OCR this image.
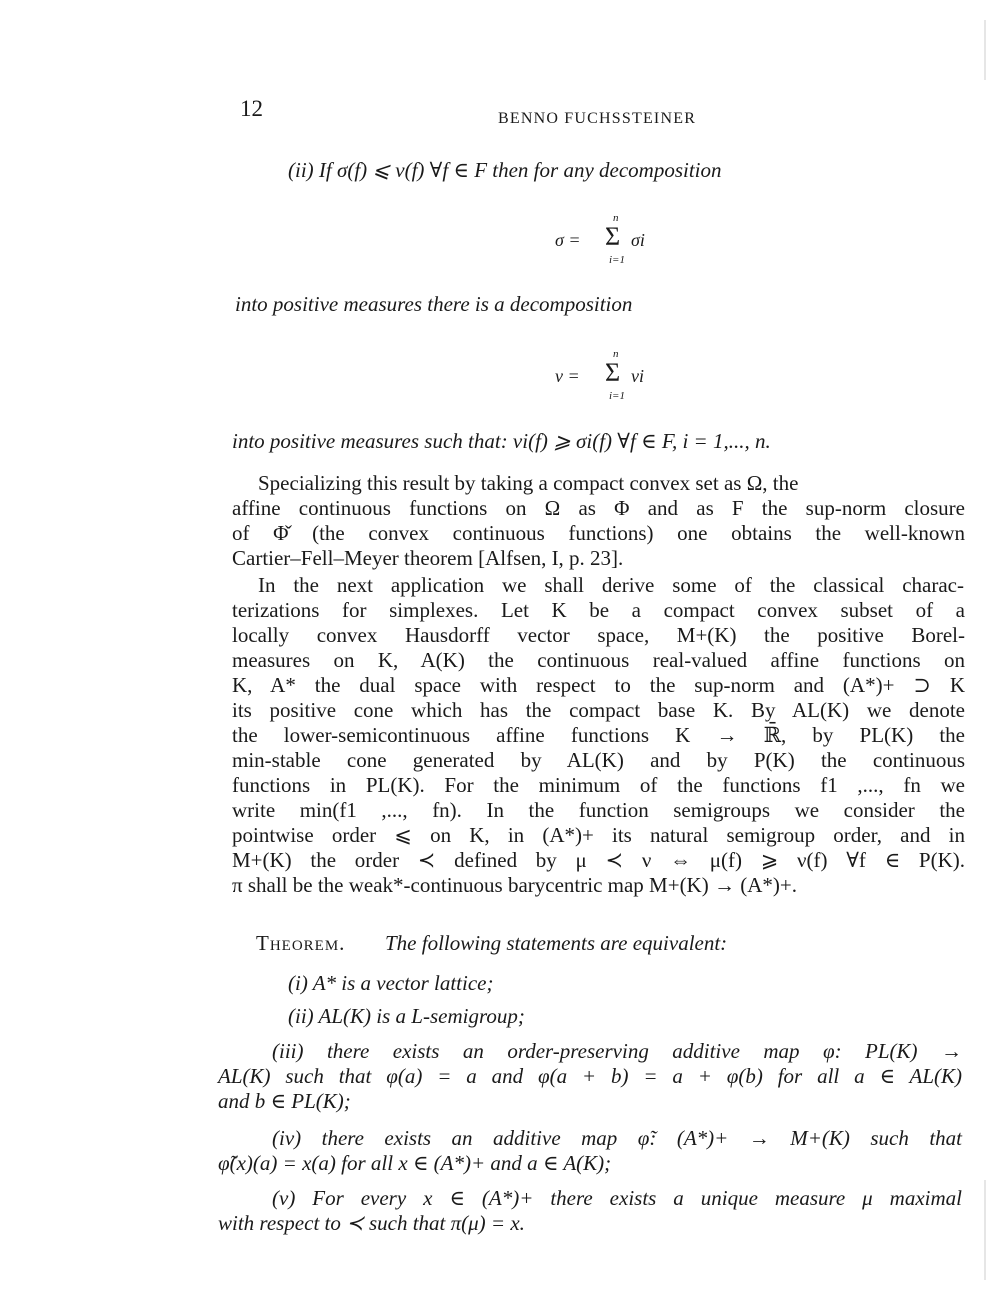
12	BENNO FUCHSSTEINER
(ii) If σ(f) ⩽ ν(f) ∀f ∈ F then for any decomposition
σ = Σ
n
i=1
σi
into positive measures there is a decomposition
ν = Σ
n
i=1
νi
into positive measures such that: νi(f) ⩾ σi(f) ∀f ∈ F, i = 1,..., n.
Specializing this result by taking a compact convex set as Ω, the
affine continuous functions on Ω as Φ and as F the sup-norm closure
of Φ̌ (the convex continuous functions) one obtains the well-known
Cartier–Fell–Meyer theorem [Alfsen, I, p. 23].
In the next application we shall derive some of the classical charac-
terizations for simplexes. Let K be a compact convex subset of a
locally convex Hausdorff vector space, M+(K) the positive Borel-
measures on K, A(K) the continuous real-valued affine functions on
K, A* the dual space with respect to the sup-norm and (A*)+ ⊃ K
its positive cone which has the compact base K. By AL(K) we denote
the lower-semicontinuous affine functions K → ℝ̄, by PL(K) the
min-stable cone generated by AL(K) and by P(K) the continuous
functions in PL(K). For the minimum of the functions f1 ,..., fn we
write min(f1 ,..., fn). In the function semigroups we consider the
pointwise order ⩽ on K, in (A*)+ its natural semigroup order, and in
M+(K) the order ≺ defined by μ ≺ ν ⇔ μ(f) ⩾ ν(f) ∀f ∈ P(K).
π shall be the weak*-continuous barycentric map M+(K) → (A*)+.
Theorem. The following statements are equivalent:
(i) A* is a vector lattice;
(ii) AL(K) is a L-semigroup;
(iii) there exists an order-preserving additive map φ: PL(K) →
AL(K) such that φ(a) = a and φ(a + b) = a + φ(b) for all a ∈ AL(K)
and b ∈ PL(K);
(iv) there exists an additive map φ̃: (A*)+ → M+(K) such that
φ̃(x)(a) = x(a) for all x ∈ (A*)+ and a ∈ A(K);
(v) For every x ∈ (A*)+ there exists a unique measure μ maximal
with respect to ≺ such that π(μ) = x.
